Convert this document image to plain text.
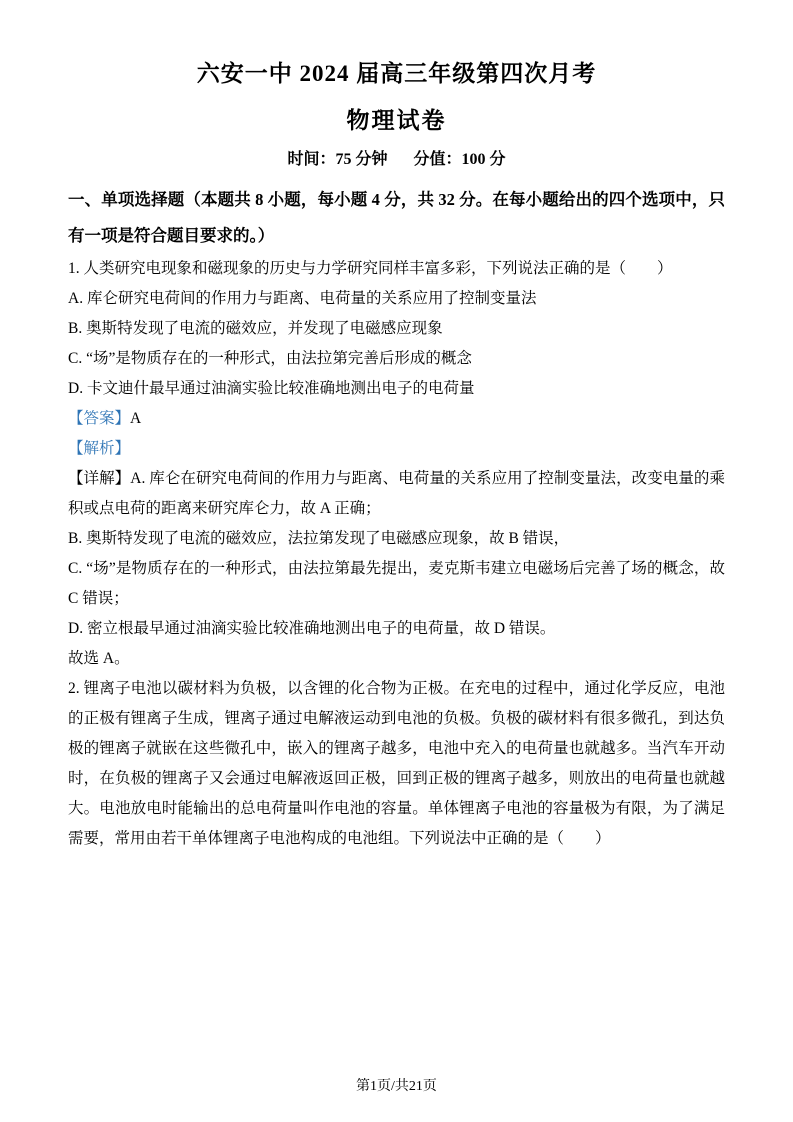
六安一中 2024 届高三年级第四次月考
物理试卷
时间：75 分钟 分值：100 分
一、单项选择题（本题共 8 小题，每小题 4 分，共 32 分。在每小题给出的四个选项中，只有一项是符合题目要求的。）

1. 人类研究电现象和磁现象的历史与力学研究同样丰富多彩，下列说法正确的是（　　）

A. 库仑研究电荷间的作用力与距离、电荷量的关系应用了控制变量法

B. 奥斯特发现了电流的磁效应，并发现了电磁感应现象

C. “场”是物质存在的一种形式，由法拉第完善后形成的概念

D. 卡文迪什最早通过油滴实验比较准确地测出电子的电荷量

【答案】A

【解析】

【详解】A. 库仑在研究电荷间的作用力与距离、电荷量的关系应用了控制变量法，改变电量的乘积或点电荷的距离来研究库仑力，故 A 正确；

B. 奥斯特发现了电流的磁效应，法拉第发现了电磁感应现象，故 B 错误，

C. “场”是物质存在的一种形式，由法拉第最先提出，麦克斯韦建立电磁场后完善了场的概念，故 C 错误；

D. 密立根最早通过油滴实验比较准确地测出电子的电荷量，故 D 错误。

故选 A。

2. 锂离子电池以碳材料为负极，以含锂的化合物为正极。在充电的过程中，通过化学反应，电池的正极有锂离子生成，锂离子通过电解液运动到电池的负极。负极的碳材料有很多微孔，到达负极的锂离子就嵌在这些微孔中，嵌入的锂离子越多，电池中充入的电荷量也就越多。当汽车开动时，在负极的锂离子又会通过电解液返回正极，回到正极的锂离子越多，则放出的电荷量也就越大。电池放电时能输出的总电荷量叫作电池的容量。单体锂离子电池的容量极为有限，为了满足需要，常用由若干单体锂离子电池构成的电池组。下列说法中正确的是（　　）

第1页/共21页
